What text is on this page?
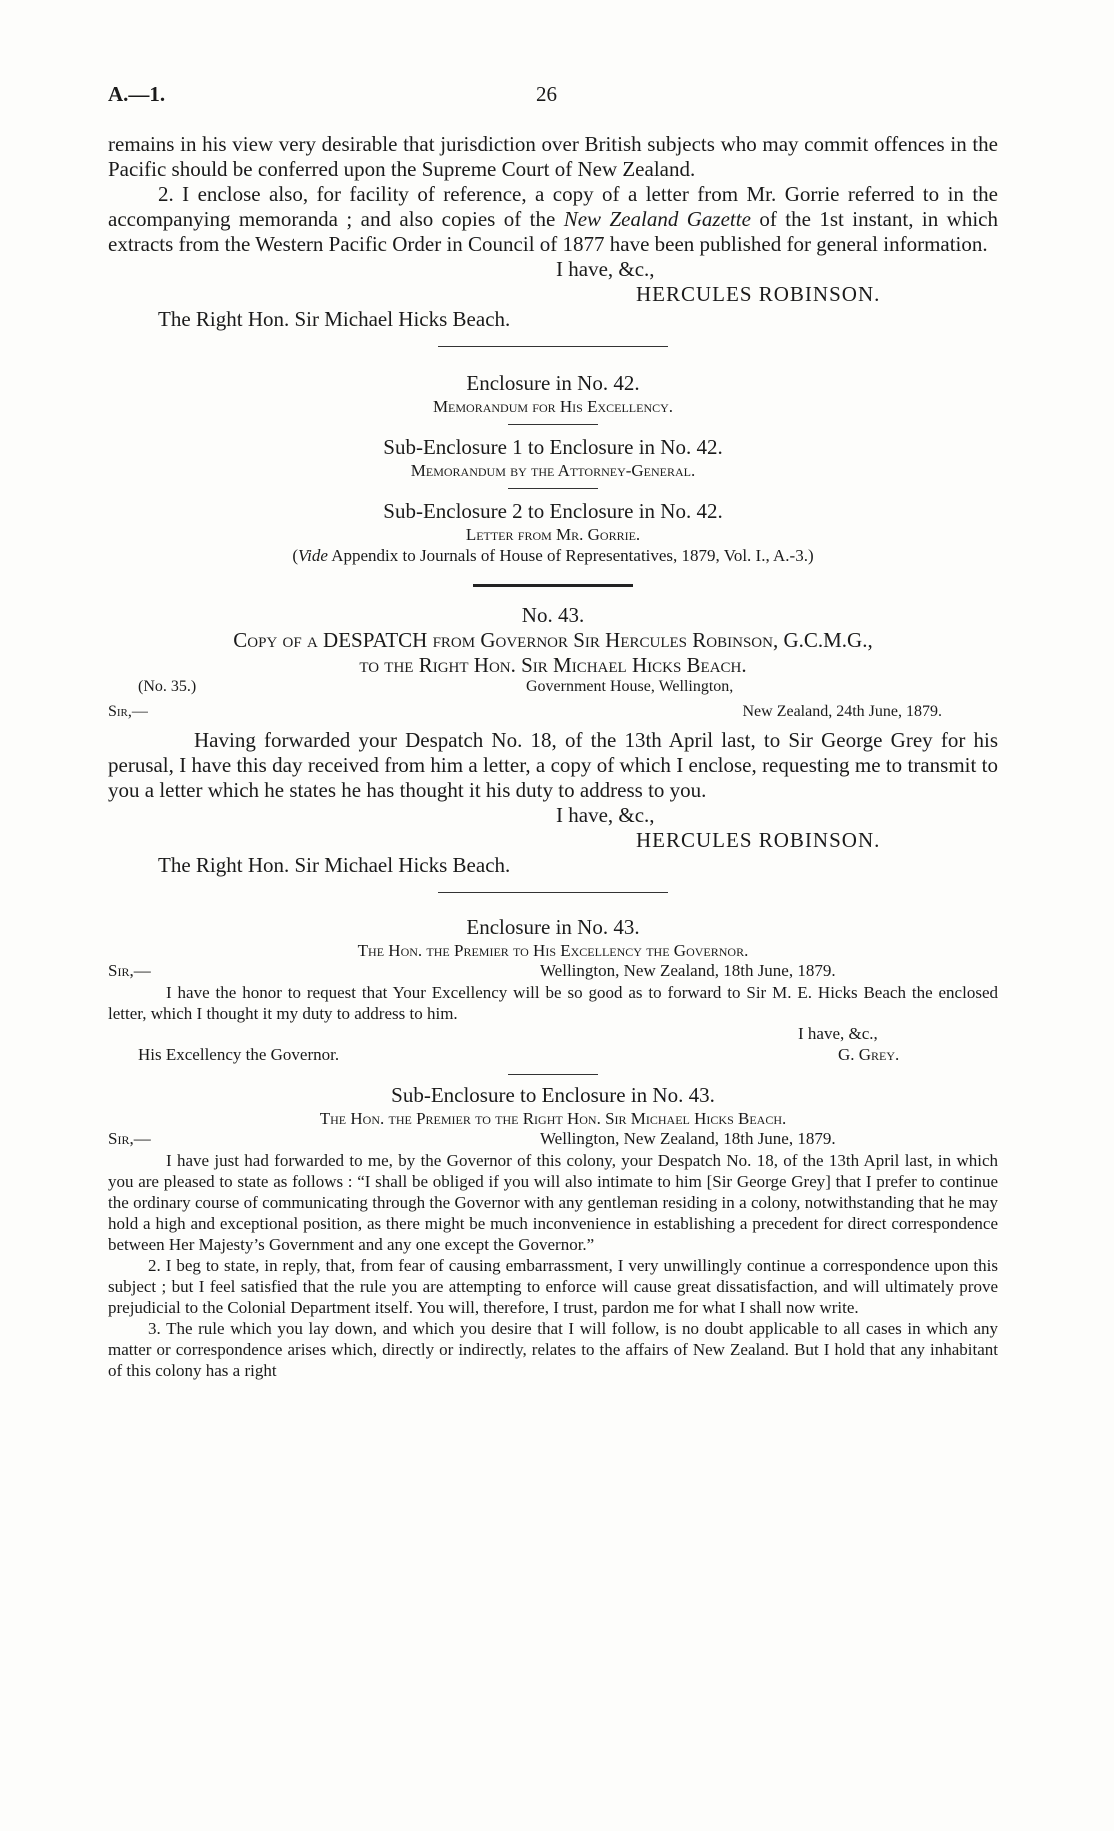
A.—1.	26

remains in his view very desirable that jurisdiction over British subjects who may commit offences in the Pacific should be conferred upon the Supreme Court of New Zealand.

2. I enclose also, for facility of reference, a copy of a letter from Mr. Gorrie referred to in the accompanying memoranda ; and also copies of the New Zealand Gazette of the 1st instant, in which extracts from the Western Pacific Order in Council of 1877 have been published for general information.

I have, &c.,

HERCULES ROBINSON.

The Right Hon. Sir Michael Hicks Beach.

Enclosure in No. 42.

Memorandum for His Excellency.

Sub-Enclosure 1 to Enclosure in No. 42.

Memorandum by the Attorney-General.

Sub-Enclosure 2 to Enclosure in No. 42.

Letter from Mr. Gorrie.

(Vide Appendix to Journals of House of Representatives, 1879, Vol. I., A.-3.)

No. 43.

Copy of a DESPATCH from Governor Sir Hercules Robinson, G.C.M.G.,

to the Right Hon. Sir Michael Hicks Beach.

(No. 35.)	Government House, Wellington,
Sir,—	New Zealand, 24th June, 1879.

Having forwarded your Despatch No. 18, of the 13th April last, to Sir George Grey for his perusal, I have this day received from him a letter, a copy of which I enclose, requesting me to transmit to you a letter which he states he has thought it his duty to address to you.

I have, &c.,

HERCULES ROBINSON.

The Right Hon. Sir Michael Hicks Beach.

Enclosure in No. 43.

The Hon. the Premier to His Excellency the Governor.

Sir,—	Wellington, New Zealand, 18th June, 1879.

I have the honor to request that Your Excellency will be so good as to forward to Sir M. E. Hicks Beach the enclosed letter, which I thought it my duty to address to him.

I have, &c.,
His Excellency the Governor.	G. Grey.

Sub-Enclosure to Enclosure in No. 43.

The Hon. the Premier to the Right Hon. Sir Michael Hicks Beach.

Sir,—	Wellington, New Zealand, 18th June, 1879.

I have just had forwarded to me, by the Governor of this colony, your Despatch No. 18, of the 13th April last, in which you are pleased to state as follows : “I shall be obliged if you will also intimate to him [Sir George Grey] that I prefer to continue the ordinary course of communicating through the Governor with any gentleman residing in a colony, notwithstanding that he may hold a high and exceptional position, as there might be much inconvenience in establishing a precedent for direct correspondence between Her Majesty’s Government and any one except the Governor.”

2. I beg to state, in reply, that, from fear of causing embarrassment, I very unwillingly continue a correspondence upon this subject ; but I feel satisfied that the rule you are attempting to enforce will cause great dissatisfaction, and will ultimately prove prejudicial to the Colonial Department itself. You will, therefore, I trust, pardon me for what I shall now write.

3. The rule which you lay down, and which you desire that I will follow, is no doubt applicable to all cases in which any matter or correspondence arises which, directly or indirectly, relates to the affairs of New Zealand. But I hold that any inhabitant of this colony has a right
